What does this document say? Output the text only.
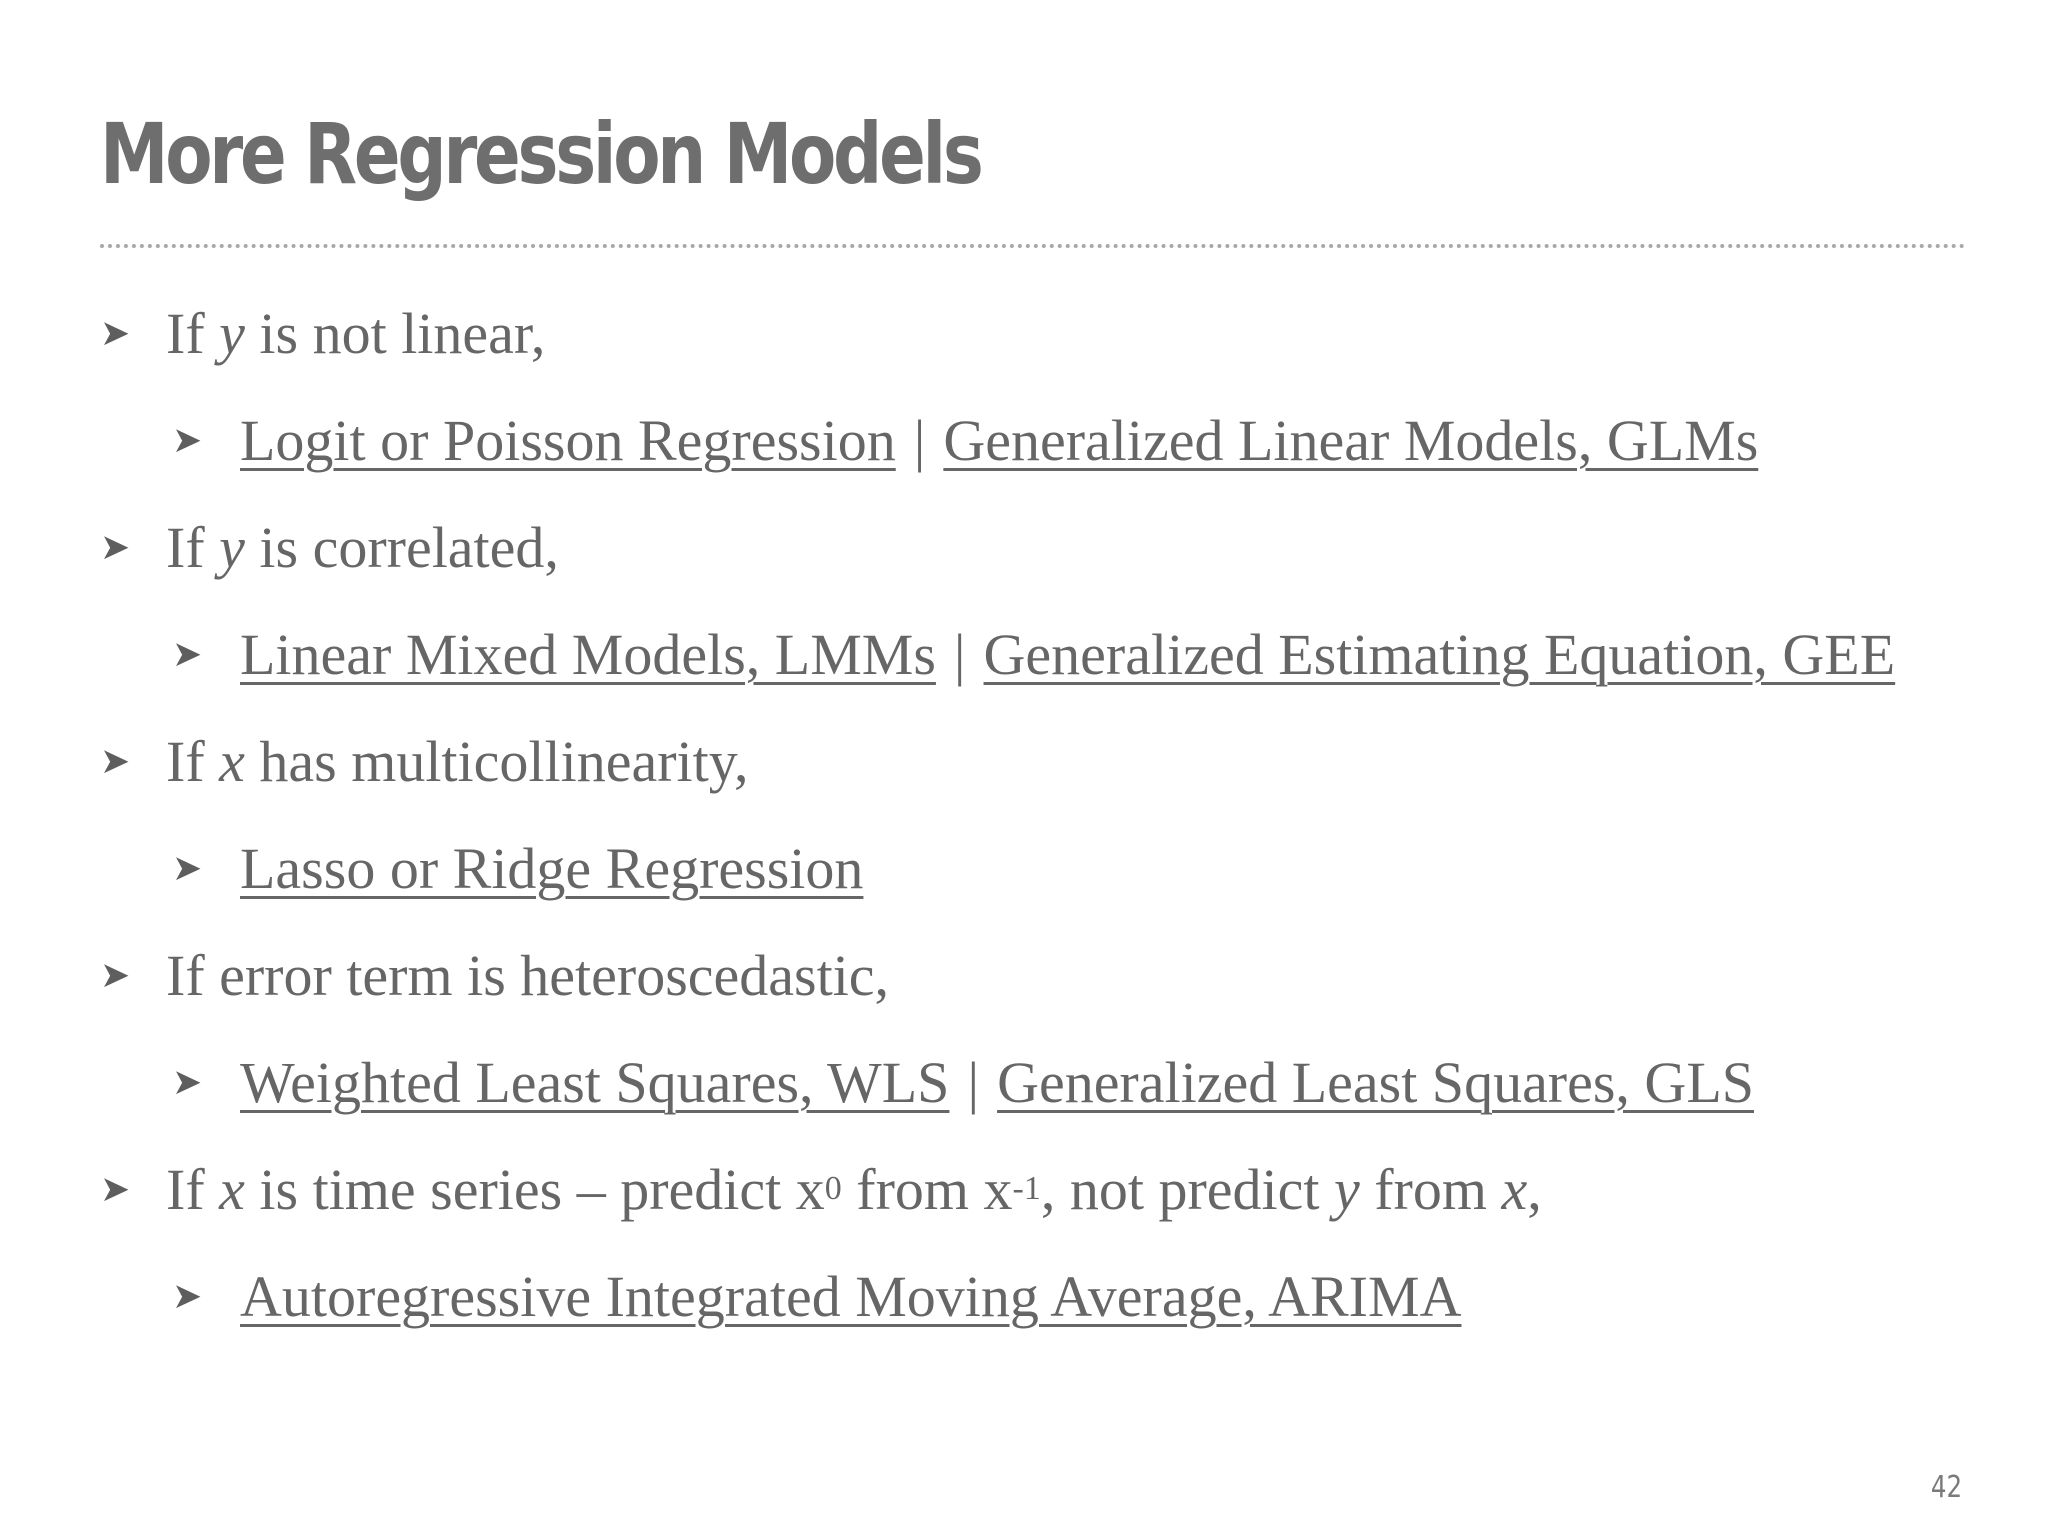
More Regression Models
➤ If
y
is not linear,
➤ Logit or Poisson Regression | Generalized Linear Models, GLMs
➤ If
y
is correlated,
➤ Linear Mixed Models, LMMs | Generalized Estimating Equation, GEE
➤ If
x
has multicollinearity,
➤ Lasso or Ridge Regression
➤ If error term is heteroscedastic,
➤ Weighted Least Squares, WLS | Generalized Least Squares, GLS
➤ If
x
is time series – predict x 0
from x -1 , not predict
y
from
x ,
➤ Autoregressive Integrated Moving Average, ARIMA
42
